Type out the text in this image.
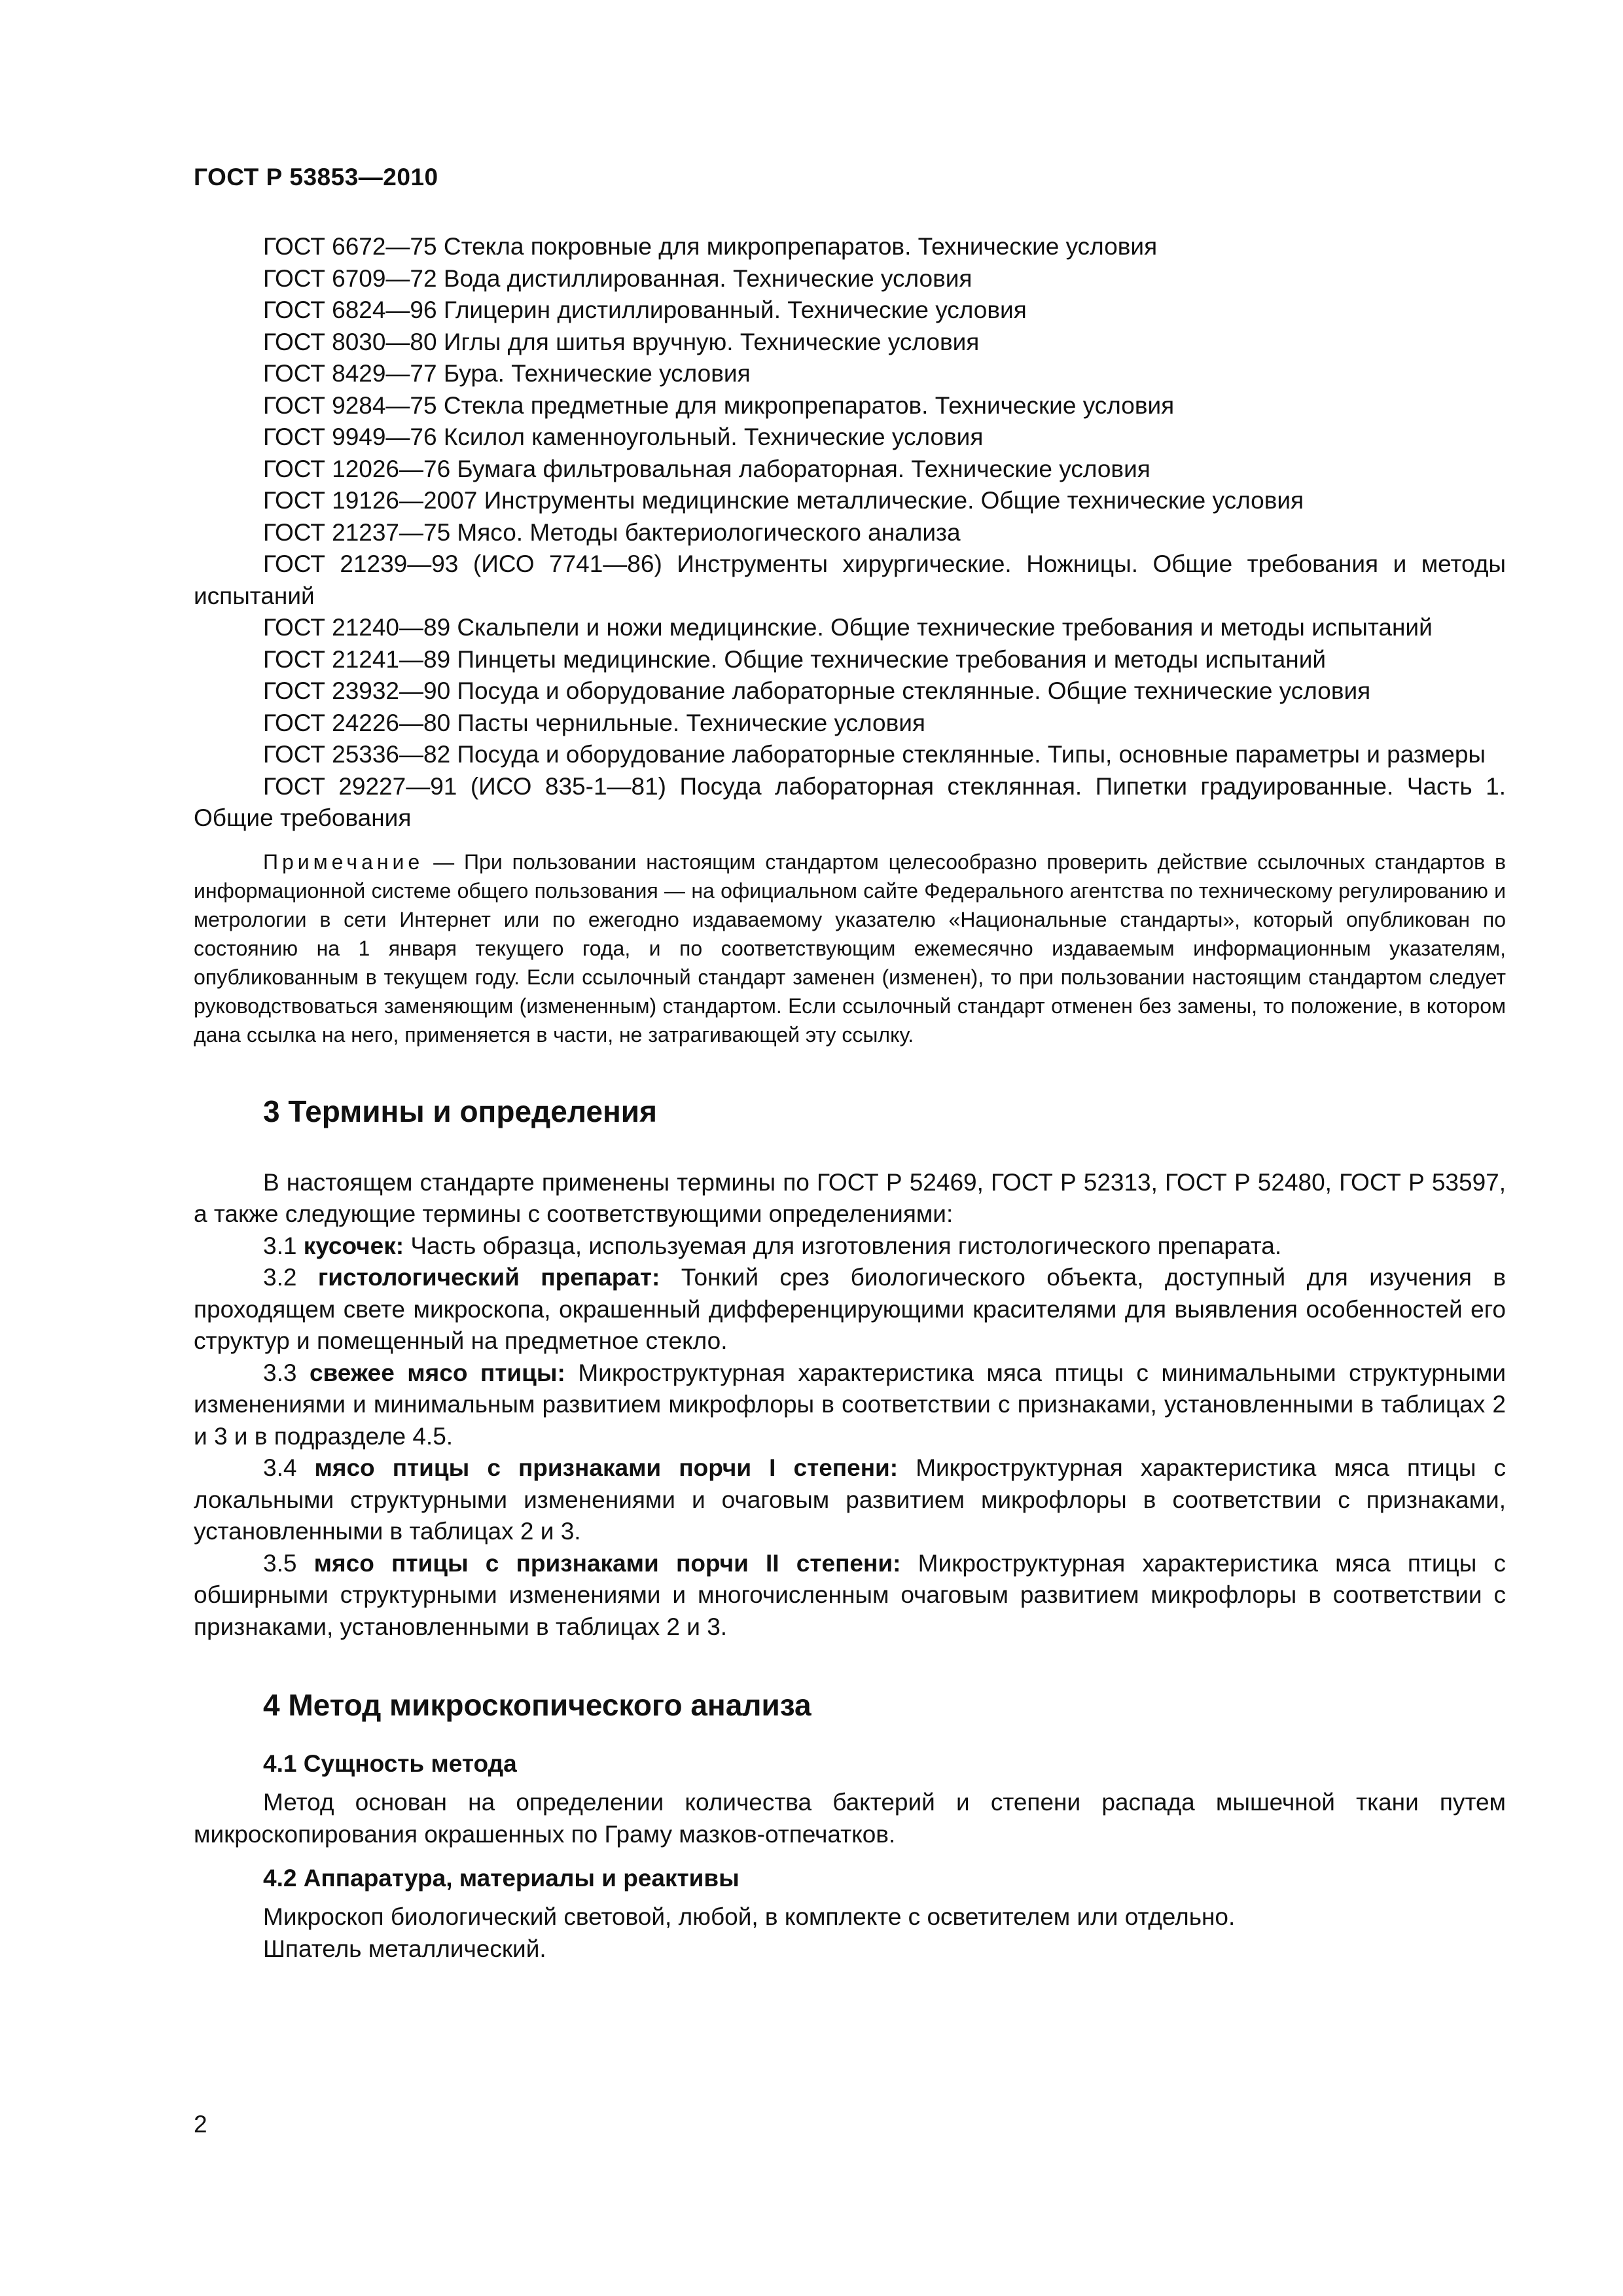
ГОСТ Р 53853—2010

ГОСТ 6672—75 Стекла покровные для микропрепаратов. Технические условия

ГОСТ 6709—72 Вода дистиллированная. Технические условия

ГОСТ 6824—96 Глицерин дистиллированный. Технические условия

ГОСТ 8030—80 Иглы для шитья вручную. Технические условия

ГОСТ 8429—77 Бура. Технические условия

ГОСТ 9284—75 Стекла предметные для микропрепаратов. Технические условия

ГОСТ 9949—76 Ксилол каменноугольный. Технические условия

ГОСТ 12026—76 Бумага фильтровальная лабораторная. Технические условия

ГОСТ 19126—2007 Инструменты медицинские металлические. Общие технические условия

ГОСТ 21237—75 Мясо. Методы бактериологического анализа

ГОСТ 21239—93 (ИСО 7741—86) Инструменты хирургические. Ножницы. Общие требования и методы испытаний

ГОСТ 21240—89 Скальпели и ножи медицинские. Общие технические требования и методы испытаний

ГОСТ 21241—89 Пинцеты медицинские. Общие технические требования и методы испытаний

ГОСТ 23932—90 Посуда и оборудование лабораторные стеклянные. Общие технические условия

ГОСТ 24226—80 Пасты чернильные. Технические условия

ГОСТ 25336—82 Посуда и оборудование лабораторные стеклянные. Типы, основные параметры и размеры

ГОСТ 29227—91 (ИСО 835-1—81) Посуда лабораторная стеклянная. Пипетки градуированные. Часть 1. Общие требования

Примечание — При пользовании настоящим стандартом целесообразно проверить действие ссылочных стандартов в информационной системе общего пользования — на официальном сайте Федерального агентства по техническому регулированию и метрологии в сети Интернет или по ежегодно издаваемому указателю «Национальные стандарты», который опубликован по состоянию на 1 января текущего года, и по соответствующим ежемесячно издаваемым информационным указателям, опубликованным в текущем году. Если ссылочный стандарт заменен (изменен), то при пользовании настоящим стандартом следует руководствоваться заменяющим (измененным) стандартом. Если ссылочный стандарт отменен без замены, то положение, в котором дана ссылка на него, применяется в части, не затрагивающей эту ссылку.
3 Термины и определения

В настоящем стандарте применены термины по ГОСТ Р 52469, ГОСТ Р 52313, ГОСТ Р 52480, ГОСТ Р 53597, а также следующие термины с соответствующими определениями:

3.1 кусочек: Часть образца, используемая для изготовления гистологического препарата.

3.2 гистологический препарат: Тонкий срез биологического объекта, доступный для изучения в проходящем свете микроскопа, окрашенный дифференцирующими красителями для выявления особенностей его структур и помещенный на предметное стекло.

3.3 свежее мясо птицы: Микроструктурная характеристика мяса птицы с минимальными структурными изменениями и минимальным развитием микрофлоры в соответствии с признаками, установленными в таблицах 2 и 3 и в подразделе 4.5.

3.4 мясо птицы с признаками порчи I степени: Микроструктурная характеристика мяса птицы с локальными структурными изменениями и очаговым развитием микрофлоры в соответствии с признаками, установленными в таблицах 2 и 3.

3.5 мясо птицы с признаками порчи II степени: Микроструктурная характеристика мяса птицы с обширными структурными изменениями и многочисленным очаговым развитием микрофлоры в соответствии с признаками, установленными в таблицах 2 и 3.

4 Метод микроскопического анализа
4.1 Сущность метода

Метод основан на определении количества бактерий и степени распада мышечной ткани путем микроскопирования окрашенных по Граму мазков-отпечатков.

4.2 Аппаратура, материалы и реактивы

Микроскоп биологический световой, любой, в комплекте с осветителем или отдельно.

Шпатель металлический.

2
